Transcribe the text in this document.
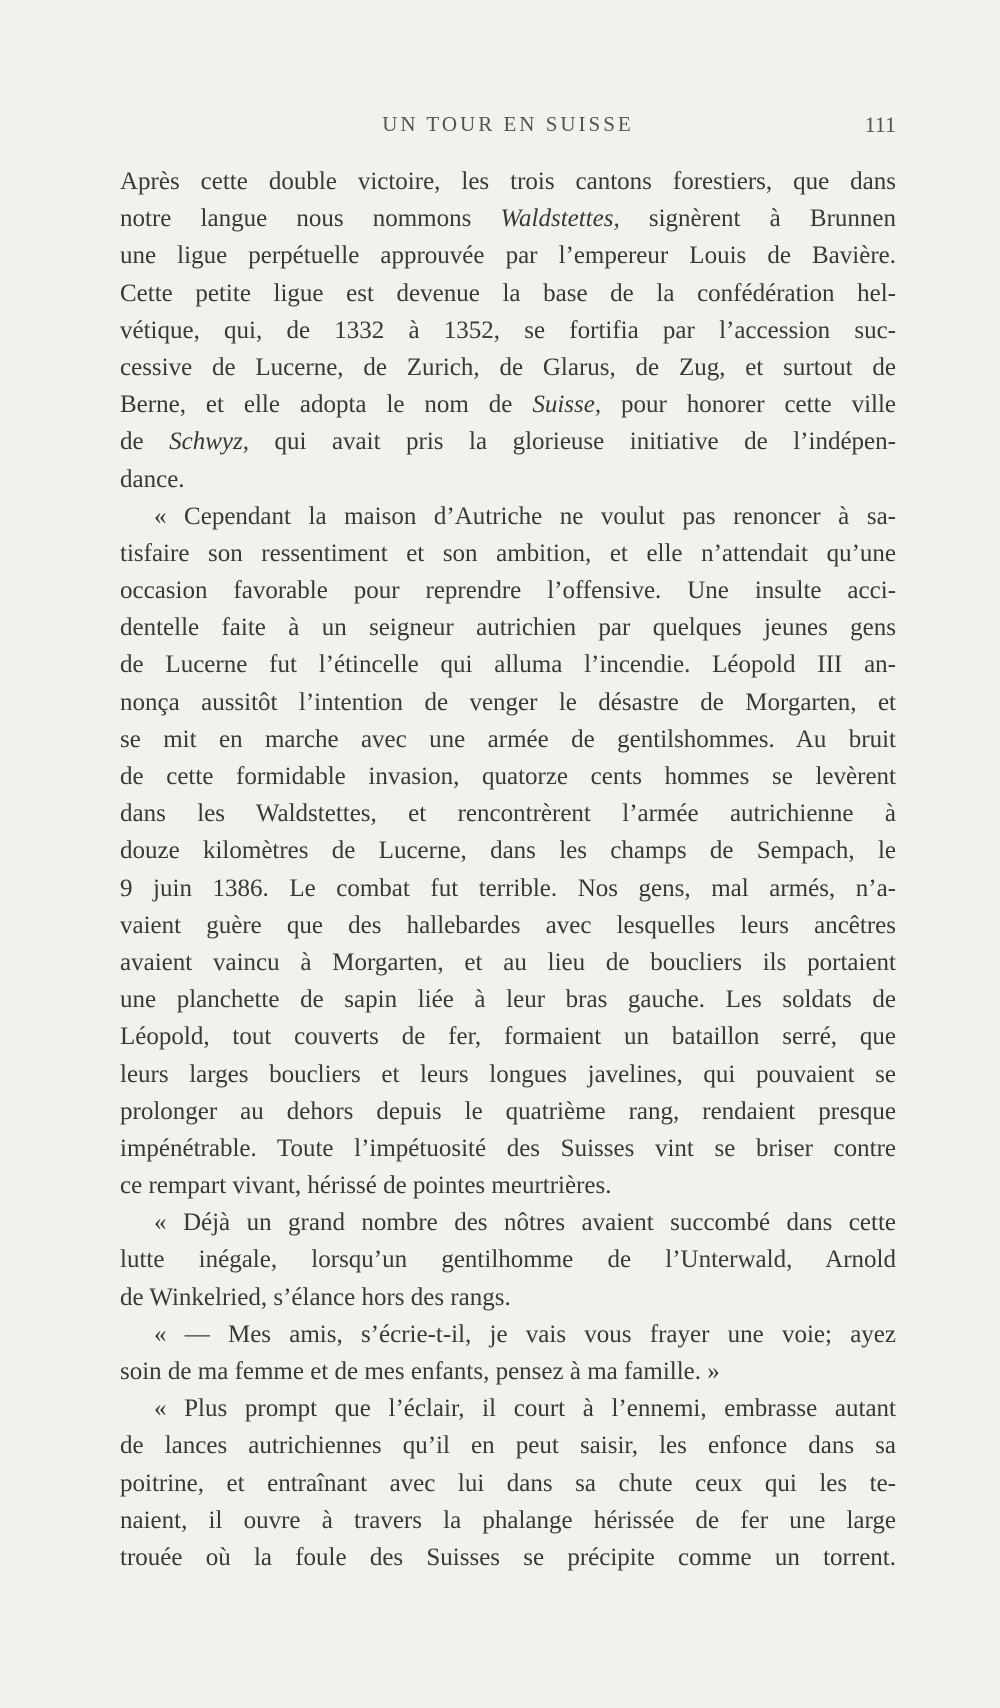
UN TOUR EN SUISSE	111
Après cette double victoire, les trois cantons forestiers, que dans
notre langue nous nommons Waldstettes, signèrent à Brunnen
une ligue perpétuelle approuvée par l’empereur Louis de Bavière.
Cette petite ligue est devenue la base de la confédération hel-
vétique, qui, de 1332 à 1352, se fortifia par l’accession suc-
cessive de Lucerne, de Zurich, de Glarus, de Zug, et surtout de
Berne, et elle adopta le nom de Suisse, pour honorer cette ville
de Schwyz, qui avait pris la glorieuse initiative de l’indépen-
dance.
« Cependant la maison d’Autriche ne voulut pas renoncer à sa-
tisfaire son ressentiment et son ambition, et elle n’attendait qu’une
occasion favorable pour reprendre l’offensive. Une insulte acci-
dentelle faite à un seigneur autrichien par quelques jeunes gens
de Lucerne fut l’étincelle qui alluma l’incendie. Léopold III an-
nonça aussitôt l’intention de venger le désastre de Morgarten, et
se mit en marche avec une armée de gentilshommes. Au bruit
de cette formidable invasion, quatorze cents hommes se levèrent
dans les Waldstettes, et rencontrèrent l’armée autrichienne à
douze kilomètres de Lucerne, dans les champs de Sempach, le
9 juin 1386. Le combat fut terrible. Nos gens, mal armés, n’a-
vaient guère que des hallebardes avec lesquelles leurs ancêtres
avaient vaincu à Morgarten, et au lieu de boucliers ils portaient
une planchette de sapin liée à leur bras gauche. Les soldats de
Léopold, tout couverts de fer, formaient un bataillon serré, que
leurs larges boucliers et leurs longues javelines, qui pouvaient se
prolonger au dehors depuis le quatrième rang, rendaient presque
impénétrable. Toute l’impétuosité des Suisses vint se briser contre
ce rempart vivant, hérissé de pointes meurtrières.
« Déjà un grand nombre des nôtres avaient succombé dans cette
lutte inégale, lorsqu’un gentilhomme de l’Unterwald, Arnold
de Winkelried, s’élance hors des rangs.
« — Mes amis, s’écrie-t-il, je vais vous frayer une voie; ayez
soin de ma femme et de mes enfants, pensez à ma famille. »
« Plus prompt que l’éclair, il court à l’ennemi, embrasse autant
de lances autrichiennes qu’il en peut saisir, les enfonce dans sa
poitrine, et entraînant avec lui dans sa chute ceux qui les te-
naient, il ouvre à travers la phalange hérissée de fer une large
trouée où la foule des Suisses se précipite comme un torrent.
